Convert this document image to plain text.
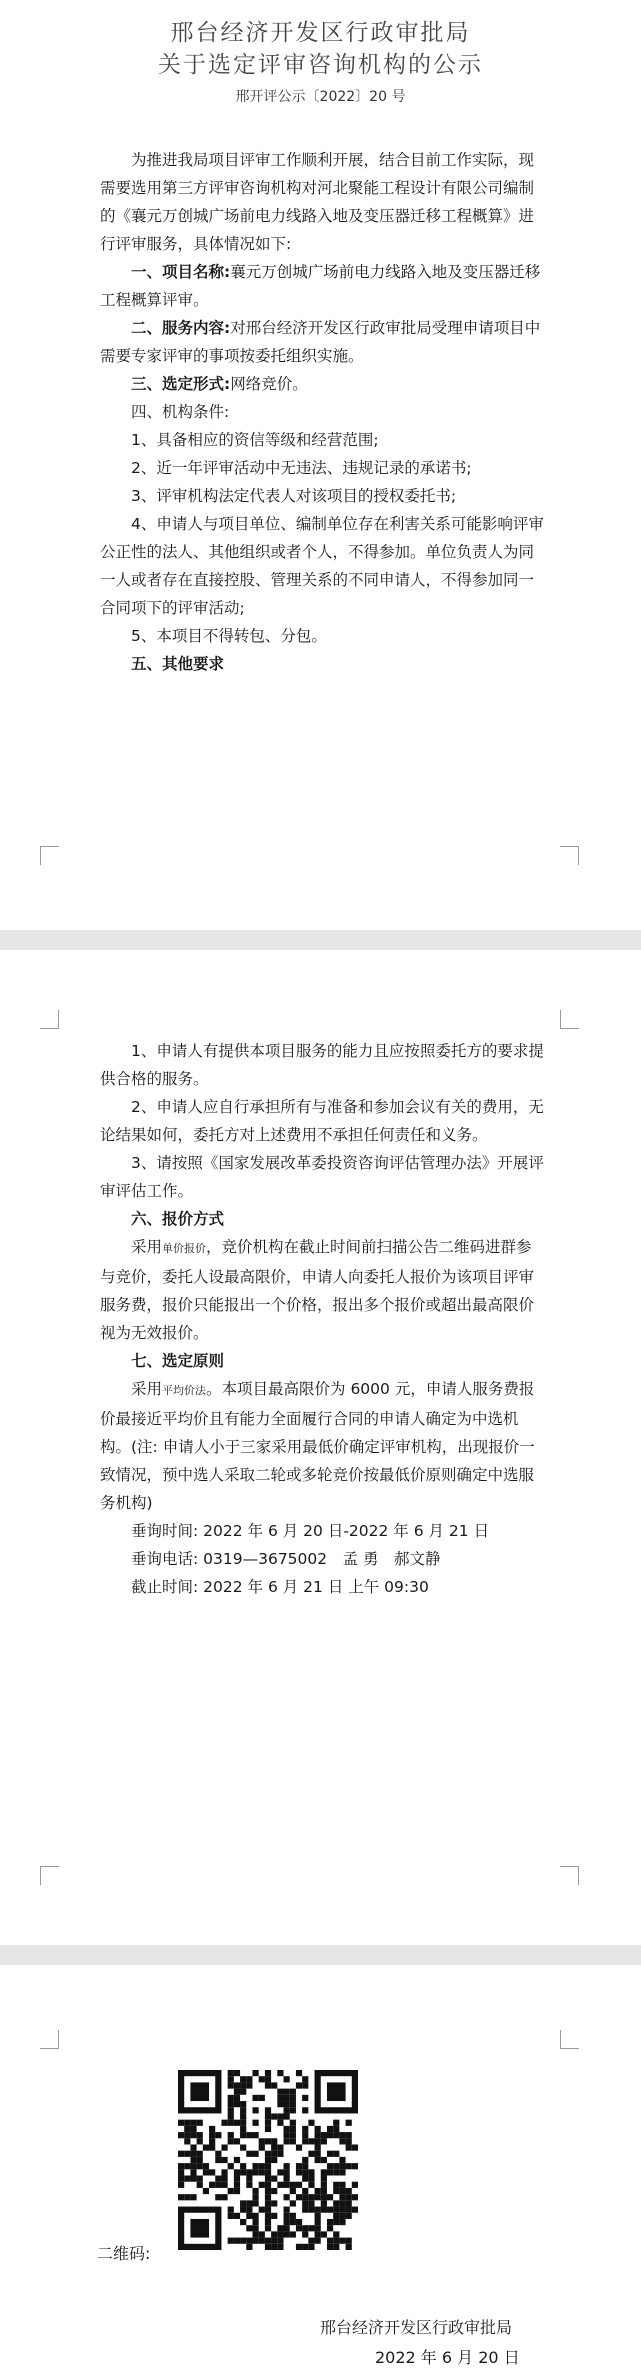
邢台经济开发区行政审批局
关于选定评审咨询机构的公示
邢开评公示〔2022〕20 号

为推进我局项目评审工作顺利开展，结合目前工作实际，现需要选用第三方评审咨询机构对河北聚能工程设计有限公司编制的《襄元万创城广场前电力线路入地及变压器迁移工程概算》进行评审服务，具体情况如下:

一、项目名称:襄元万创城广场前电力线路入地及变压器迁移工程概算评审。

二、服务内容:对邢台经济开发区行政审批局受理申请项目中需要专家评审的事项按委托组织实施。

三、选定形式:网络竞价。

四、机构条件:

1、具备相应的资信等级和经营范围;

2、近一年评审活动中无违法、违规记录的承诺书;

3、评审机构法定代表人对该项目的授权委托书;

4、申请人与项目单位、编制单位存在利害关系可能影响评审公正性的法人、其他组织或者个人，不得参加。单位负责人为同一人或者存在直接控股、管理关系的不同申请人，不得参加同一合同项下的评审活动;

5、本项目不得转包、分包。

五、其他要求

1、申请人有提供本项目服务的能力且应按照委托方的要求提供合格的服务。

2、申请人应自行承担所有与准备和参加会议有关的费用，无论结果如何，委托方对上述费用不承担任何责任和义务。

3、请按照《国家发展改革委投资咨询评估管理办法》开展评审评估工作。

六、报价方式

采用单价报价，竞价机构在截止时间前扫描公告二维码进群参与竞价，委托人设最高限价，申请人向委托人报价为该项目评审服务费，报价只能报出一个价格，报出多个报价或超出最高限价视为无效报价。

七、选定原则

采用平均价法。本项目最高限价为 6000 元，申请人服务费报价最接近平均价且有能力全面履行合同的申请人确定为中选机构。(注: 申请人小于三家采用最低价确定评审机构，出现报价一致情况，预中选人采取二轮或多轮竞价按最低价原则确定中选服务机构)

垂询时间: 2022 年 6 月 20 日-2022 年 6 月 21 日

垂询电话: 0319—3675002　孟 勇　郝文静

截止时间: 2022 年 6 月 21 日 上午 09:30

二维码:
邢台经济开发区行政审批局
2022 年 6 月 20 日
